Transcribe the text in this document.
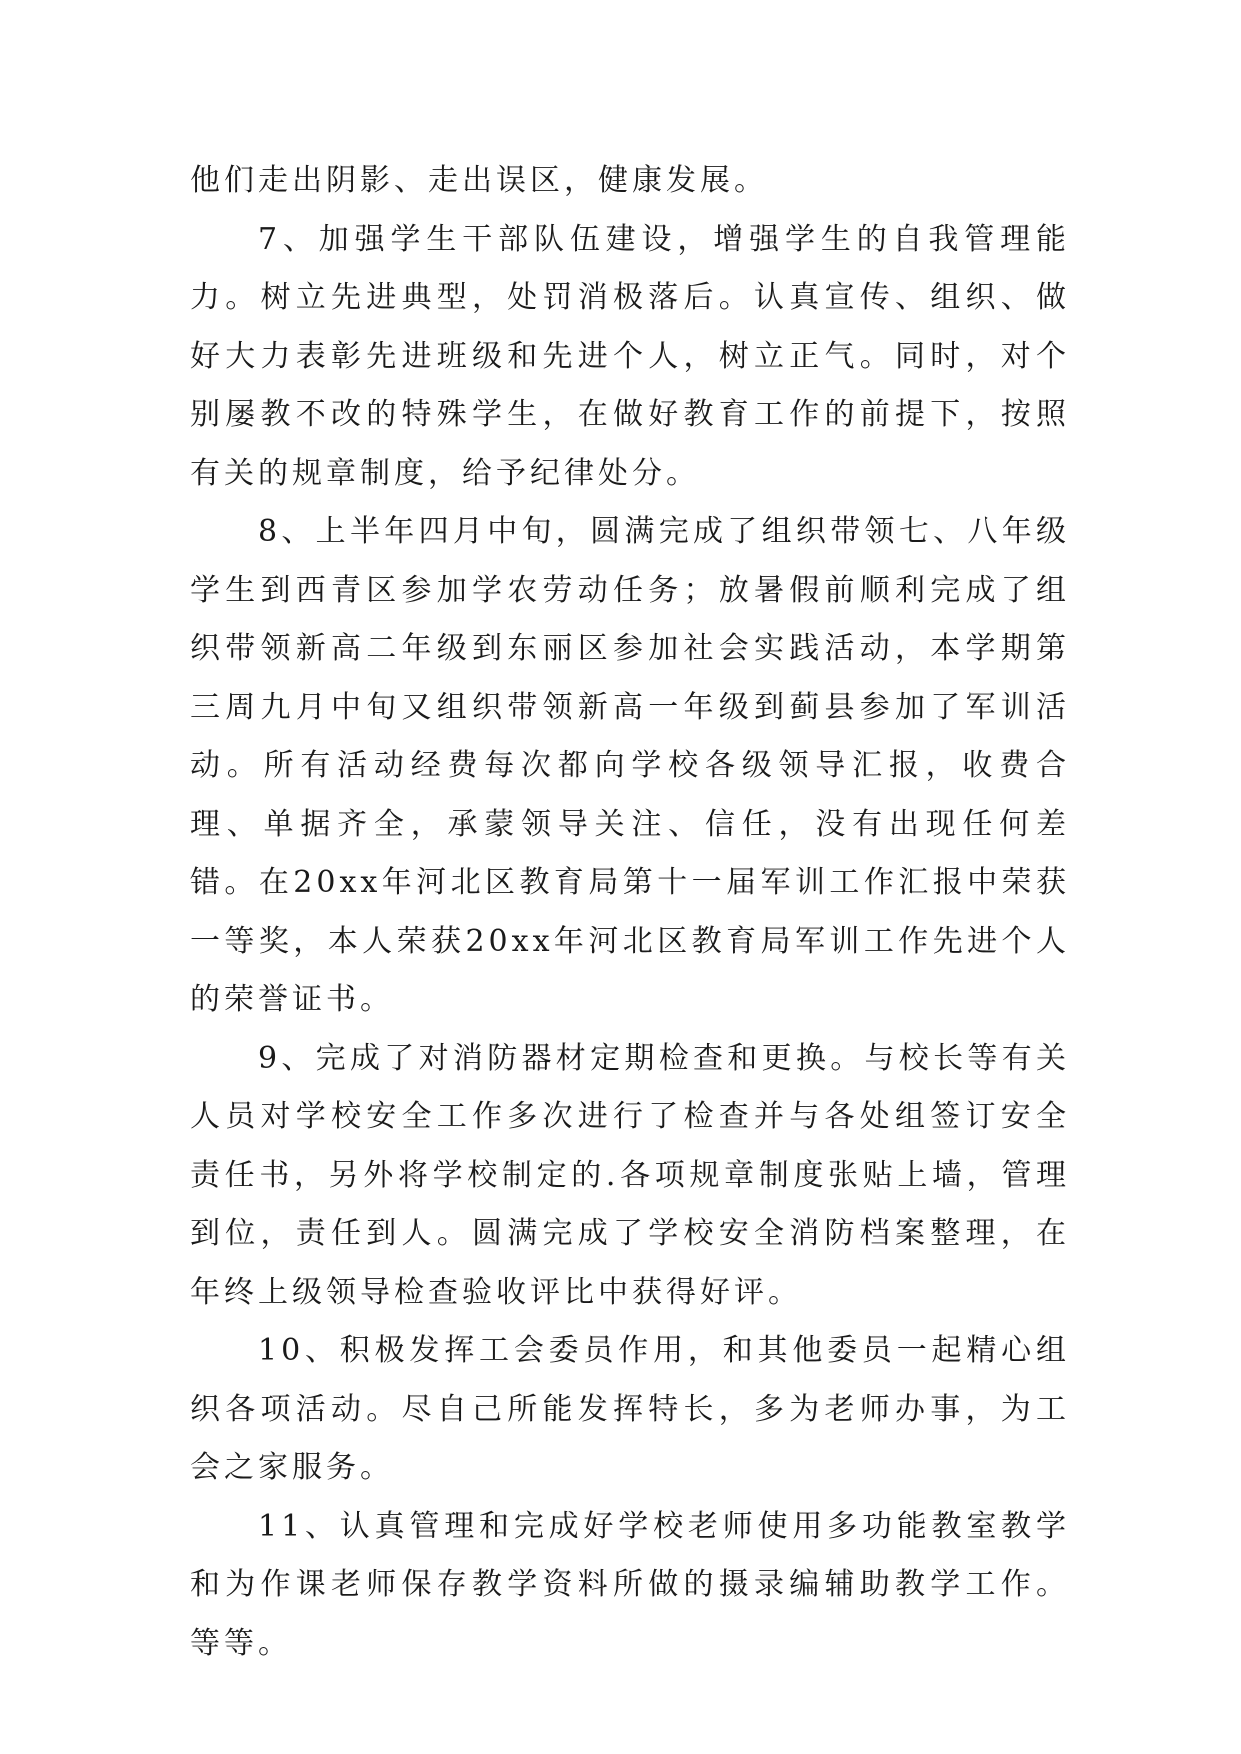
他们走出阴影、走出误区，健康发展。

7、加强学生干部队伍建设，增强学生的自我管理能力。树立先进典型，处罚消极落后。认真宣传、组织、做好大力表彰先进班级和先进个人，树立正气。同时，对个别屡教不改的特殊学生，在做好教育工作的前提下，按照有关的规章制度，给予纪律处分。

8、上半年四月中旬，圆满完成了组织带领七、八年级学生到西青区参加学农劳动任务；放暑假前顺利完成了组织带领新高二年级到东丽区参加社会实践活动，本学期第三周九月中旬又组织带领新高一年级到蓟县参加了军训活动。所有活动经费每次都向学校各级领导汇报，收费合理、单据齐全，承蒙领导关注、信任，没有出现任何差错。在20xx年河北区教育局第十一届军训工作汇报中荣获一等奖，本人荣获20xx年河北区教育局军训工作先进个人的荣誉证书。

9、完成了对消防器材定期检查和更换。与校长等有关人员对学校安全工作多次进行了检查并与各处组签订安全责任书，另外将学校制定的.各项规章制度张贴上墙，管理到位，责任到人。圆满完成了学校安全消防档案整理，在年终上级领导检查验收评比中获得好评。

10、积极发挥工会委员作用，和其他委员一起精心组织各项活动。尽自己所能发挥特长，多为老师办事，为工会之家服务。

11、认真管理和完成好学校老师使用多功能教室教学和为作课老师保存教学资料所做的摄录编辅助教学工作。等等。
